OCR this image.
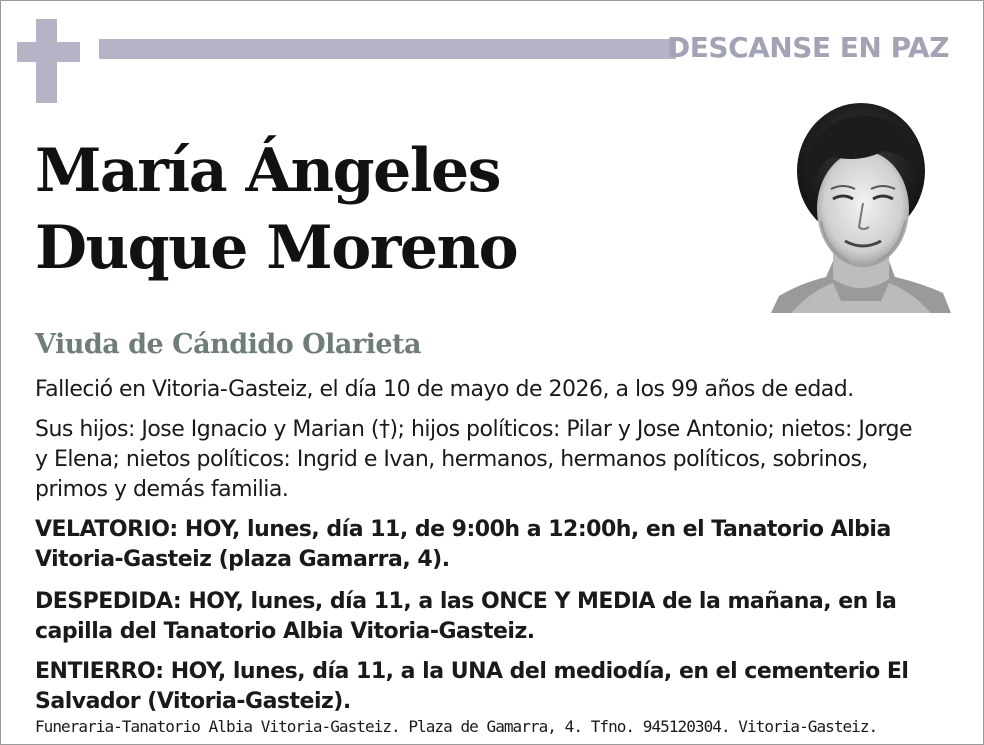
DESCANSE EN PAZ
María Ángeles
Duque Moreno
Viuda de Cándido Olarieta

Falleció en Vitoria-Gasteiz, el día 10 de mayo de 2026, a los 99 años de edad.

Sus hijos: Jose Ignacio y Marian (†); hijos políticos: Pilar y Jose Antonio; nietos: Jorge y Elena; nietos políticos: Ingrid e Ivan, hermanos, hermanos políticos, sobrinos, primos y demás familia.

VELATORIO: HOY, lunes, día 11, de 9:00h a 12:00h, en el Tanatorio Albia Vitoria-Gasteiz (plaza Gamarra, 4).

DESPEDIDA: HOY, lunes, día 11, a las ONCE Y MEDIA de la mañana, en la capilla del Tanatorio Albia Vitoria-Gasteiz.

ENTIERRO: HOY, lunes, día 11, a la UNA del mediodía, en el cementerio El Salvador (Vitoria-Gasteiz).

Funeraria-Tanatorio Albia Vitoria-Gasteiz. Plaza de Gamarra, 4. Tfno. 945120304. Vitoria-Gasteiz.
